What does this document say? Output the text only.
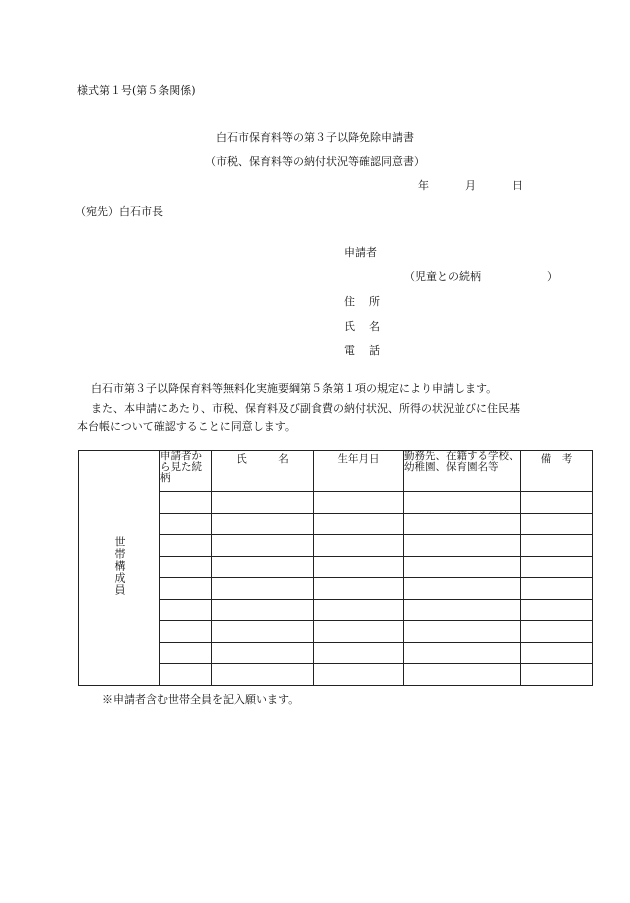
様式第１号(第５条関係)
白石市保育料等の第３子以降免除申請書
（市税、保育料等の納付状況等確認同意書）
年	月	日
（宛先）白石市長
申請者
（児童との続柄　　　　　　）
住所
氏名
電話
白石市第３子以降保育料等無料化実施要綱第５条第１項の規定により申請します。
また、本申請にあたり、市税、保育料及び副食費の納付状況、所得の状況並びに住民基
本台帳について確認することに同意します。
世帯構成員	申請者から見た続柄	氏　　　名	生年月日	勤務先、在籍する学校、幼稚園、保育園名等	備　考

※申請者含む世帯全員を記入願います。
